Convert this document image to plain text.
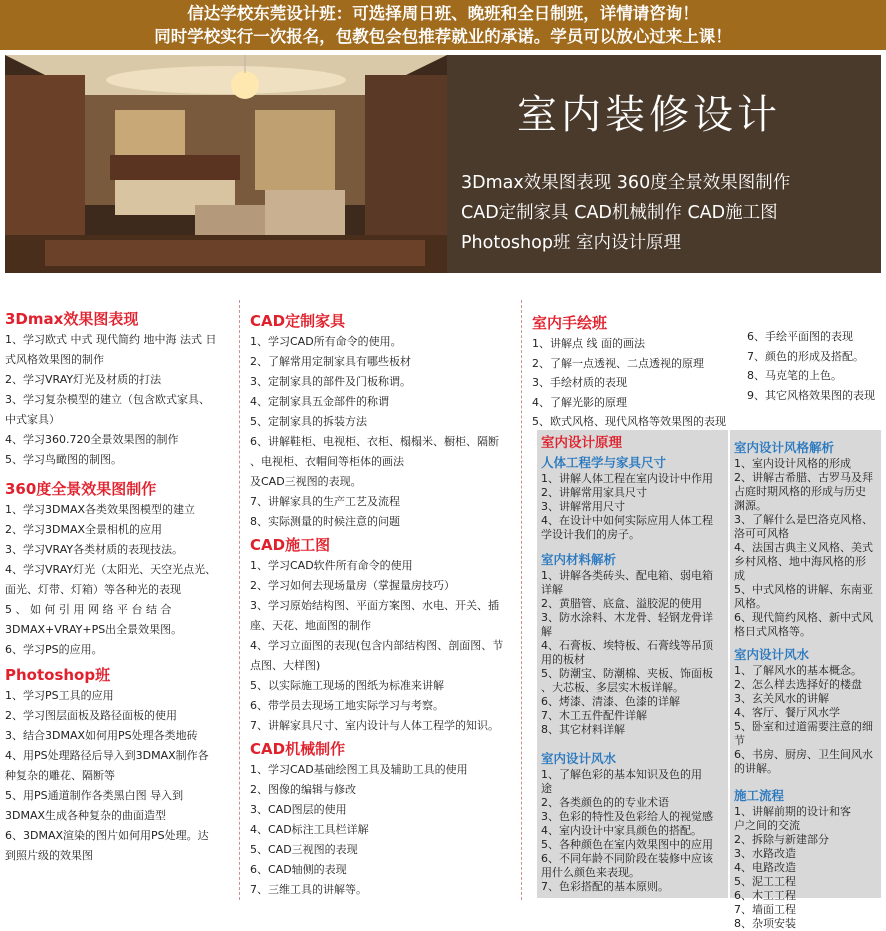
信达学校东莞设计班：可选择周日班、晚班和全日制班，详情请咨询！
同时学校实行一次报名，包教包会包推荐就业的承诺。学员可以放心过来上课！
室内装修设计
3Dmax效果图表现 360度全景效果图制作
CAD定制家具 CAD机械制作 CAD施工图
Photoshop班 室内设计原理
3Dmax效果图表现
1、学习欧式 中式 现代简约 地中海 法式 日
式风格效果图的制作
2、学习VRAY灯光及材质的打法
3、学习复杂模型的建立（包含欧式家具、
中式家具）
4、学习360.720全景效果图的制作
5、学习鸟瞰图的制图。
360度全景效果图制作
1、学习3DMAX各类效果图模型的建立
2、学习3DMAX全景相机的应用
3、学习VRAY各类材质的表现技法。
4、学习VRAY灯光（太阳光、天空光点光、
面光、灯带、灯箱）等各种光的表现
5 、 如 何 引 用 网 络 平 台 结 合
3DMAX+VRAY+PS出全景效果图。
6、学习PS的应用。
Photoshop班
1、学习PS工具的应用
2、学习图层面板及路径面板的使用
3、结合3DMAX如何用PS处理各类地砖
4、用PS处理路径后导入到3DMAX制作各
种复杂的雕花、隔断等
5、用PS通道制作各类黑白图 导入到
3DMAX生成各种复杂的曲面造型
6、3DMAX渲染的图片如何用PS处理。达
到照片级的效果图
CAD定制家具
1、学习CAD所有命令的使用。
2、了解常用定制家具有哪些板材
3、定制家具的部件及门板称谓。
4、定制家具五金部件的称谓
5、定制家具的拆装方法
6、讲解鞋柜、电视柜、衣柜、榻榻米、橱柜、隔断
、电视柜、衣帽间等柜体的画法
及CAD三视图的表现。
7、讲解家具的生产工艺及流程
8、实际测量的时候注意的问题
CAD施工图
1、学习CAD软件所有命令的使用
2、学习如何去现场量房（掌握量房技巧）
3、学习原始结构图、平面方案图、水电、开关、插
座、天花、地面图的制作
4、学习立面图的表现(包含内部结构图、剖面图、节
点图、大样图)
5、以实际施工现场的图纸为标准来讲解
6、带学员去现场工地实际学习与考察。
7、讲解家具尺寸、室内设计与人体工程学的知识。
CAD机械制作
1、学习CAD基础绘图工具及辅助工具的使用
2、图像的编辑与修改
3、CAD图层的使用
4、CAD标注工具栏详解
5、CAD三视图的表现
6、CAD轴侧的表现
7、三维工具的讲解等。
室内手绘班
1、讲解点 线 面的画法
2、了解一点透视、二点透视的原理
3、手绘材质的表现
4、了解光影的原理
5、欧式风格、现代风格等效果图的表现
6、手绘平面图的表现
7、颜色的形成及搭配。
8、马克笔的上色。
9、其它风格效果图的表现
室内设计原理
人体工程学与家具尺寸
1、讲解人体工程在室内设计中作用
2、讲解常用家具尺寸
3、讲解常用尺寸
4、在设计中如何实际应用人体工程
学设计我们的房子。
室内材料解析
1、讲解各类砖头、配电箱、弱电箱
详解
2、黄腊管、底盒、溢胶泥的使用
3、防水涂料、木龙骨、轻钢龙骨详
解
4、石膏板、埃特板、石膏线等吊顶
用的板材
5、防潮宝、防潮棉、夹板、饰面板
、大芯板、多层实木板详解。
6、烤漆、清漆、色漆的详解
7、木工五件配件详解
8、其它材料详解
室内设计风水
1、了解色彩的基本知识及色的用
途
2、各类颜色的的专业术语
3、色彩的特性及色彩给人的视觉感
4、室内设计中家具颜色的搭配。
5、各种颜色在室内效果图中的应用
6、不同年龄不同阶段在装修中应该
用什么颜色来表现。
7、色彩搭配的基本原则。
室内设计风格解析
1、室内设计风格的形成
2、讲解古希腊、古罗马及拜
占庭时期风格的形成与历史
渊源。
3、了解什么是巴洛克风格、
洛可可风格
4、法国古典主义风格、美式
乡村风格、地中海风格的形
成
5、中式风格的讲解、东南亚
风格。
6、现代简约风格、新中式风
格日式风格等。
室内设计风水
1、了解风水的基本概念。
2、怎么样去选择好的楼盘
3、玄关风水的讲解
4、客厅、餐厅风水学
5、卧室和过道需要注意的细
节
6、书房、厨房、卫生间风水
的讲解。
施工流程
1、讲解前期的设计和客
户之间的交流
2、拆除与新建部分
3、水路改造
4、电路改造
5、泥工工程
6、木工工程
7、墙面工程
8、杂项安装
